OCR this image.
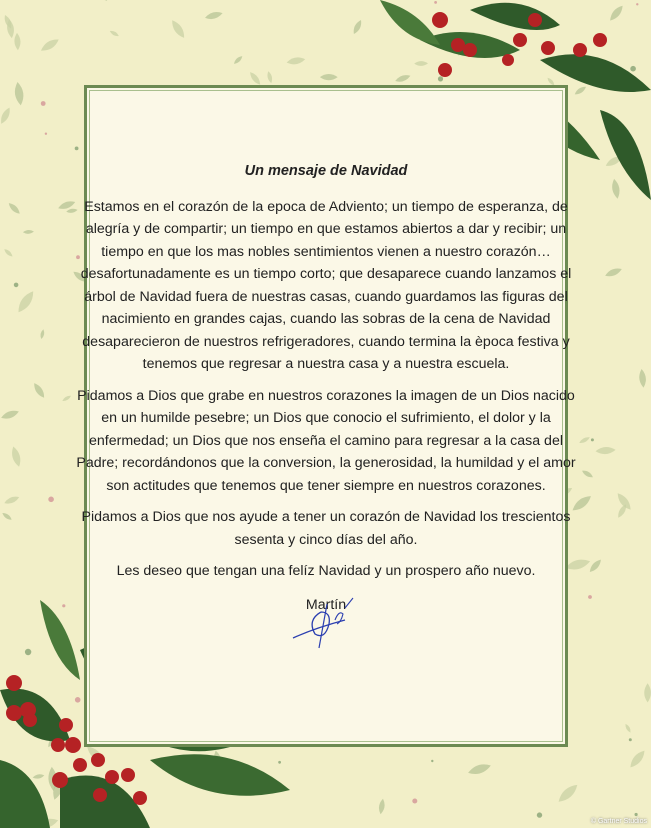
Un mensaje de Navidad
Estamos en el corazón de la epoca de Adviento; un tiempo de esperanza, de alegría y de compartir; un tiempo en que estamos abiertos a dar y recibir; un tiempo en que los mas nobles sentimientos vienen a nuestro corazón… desafortunadamente es un tiempo corto; que desaparece cuando lanzamos el árbol de Navidad fuera de nuestras casas, cuando guardamos las figuras del nacimiento en grandes cajas, cuando las sobras de la cena de Navidad desaparecieron de nuestros refrigeradores, cuando termina la època festiva y tenemos que regresar a nuestra casa y a nuestra escuela.
Pidamos a Dios que grabe en nuestros corazones la imagen de un Dios nacido en un humilde pesebre; un Dios que conocio el sufrimiento, el dolor y la enfermedad; un Dios que nos enseña el camino para regresar a la casa del Padre; recordándonos que la conversion, la generosidad, la humildad y el amor son actitudes que tenemos que tener siempre en nuestros corazones.
Pidamos a Dios que nos ayude a tener un corazón de Navidad los trescientos sesenta y cinco días del año.
Les deseo que tengan una felíz Navidad y un prospero año nuevo.
Martín
© Gartner Studios
